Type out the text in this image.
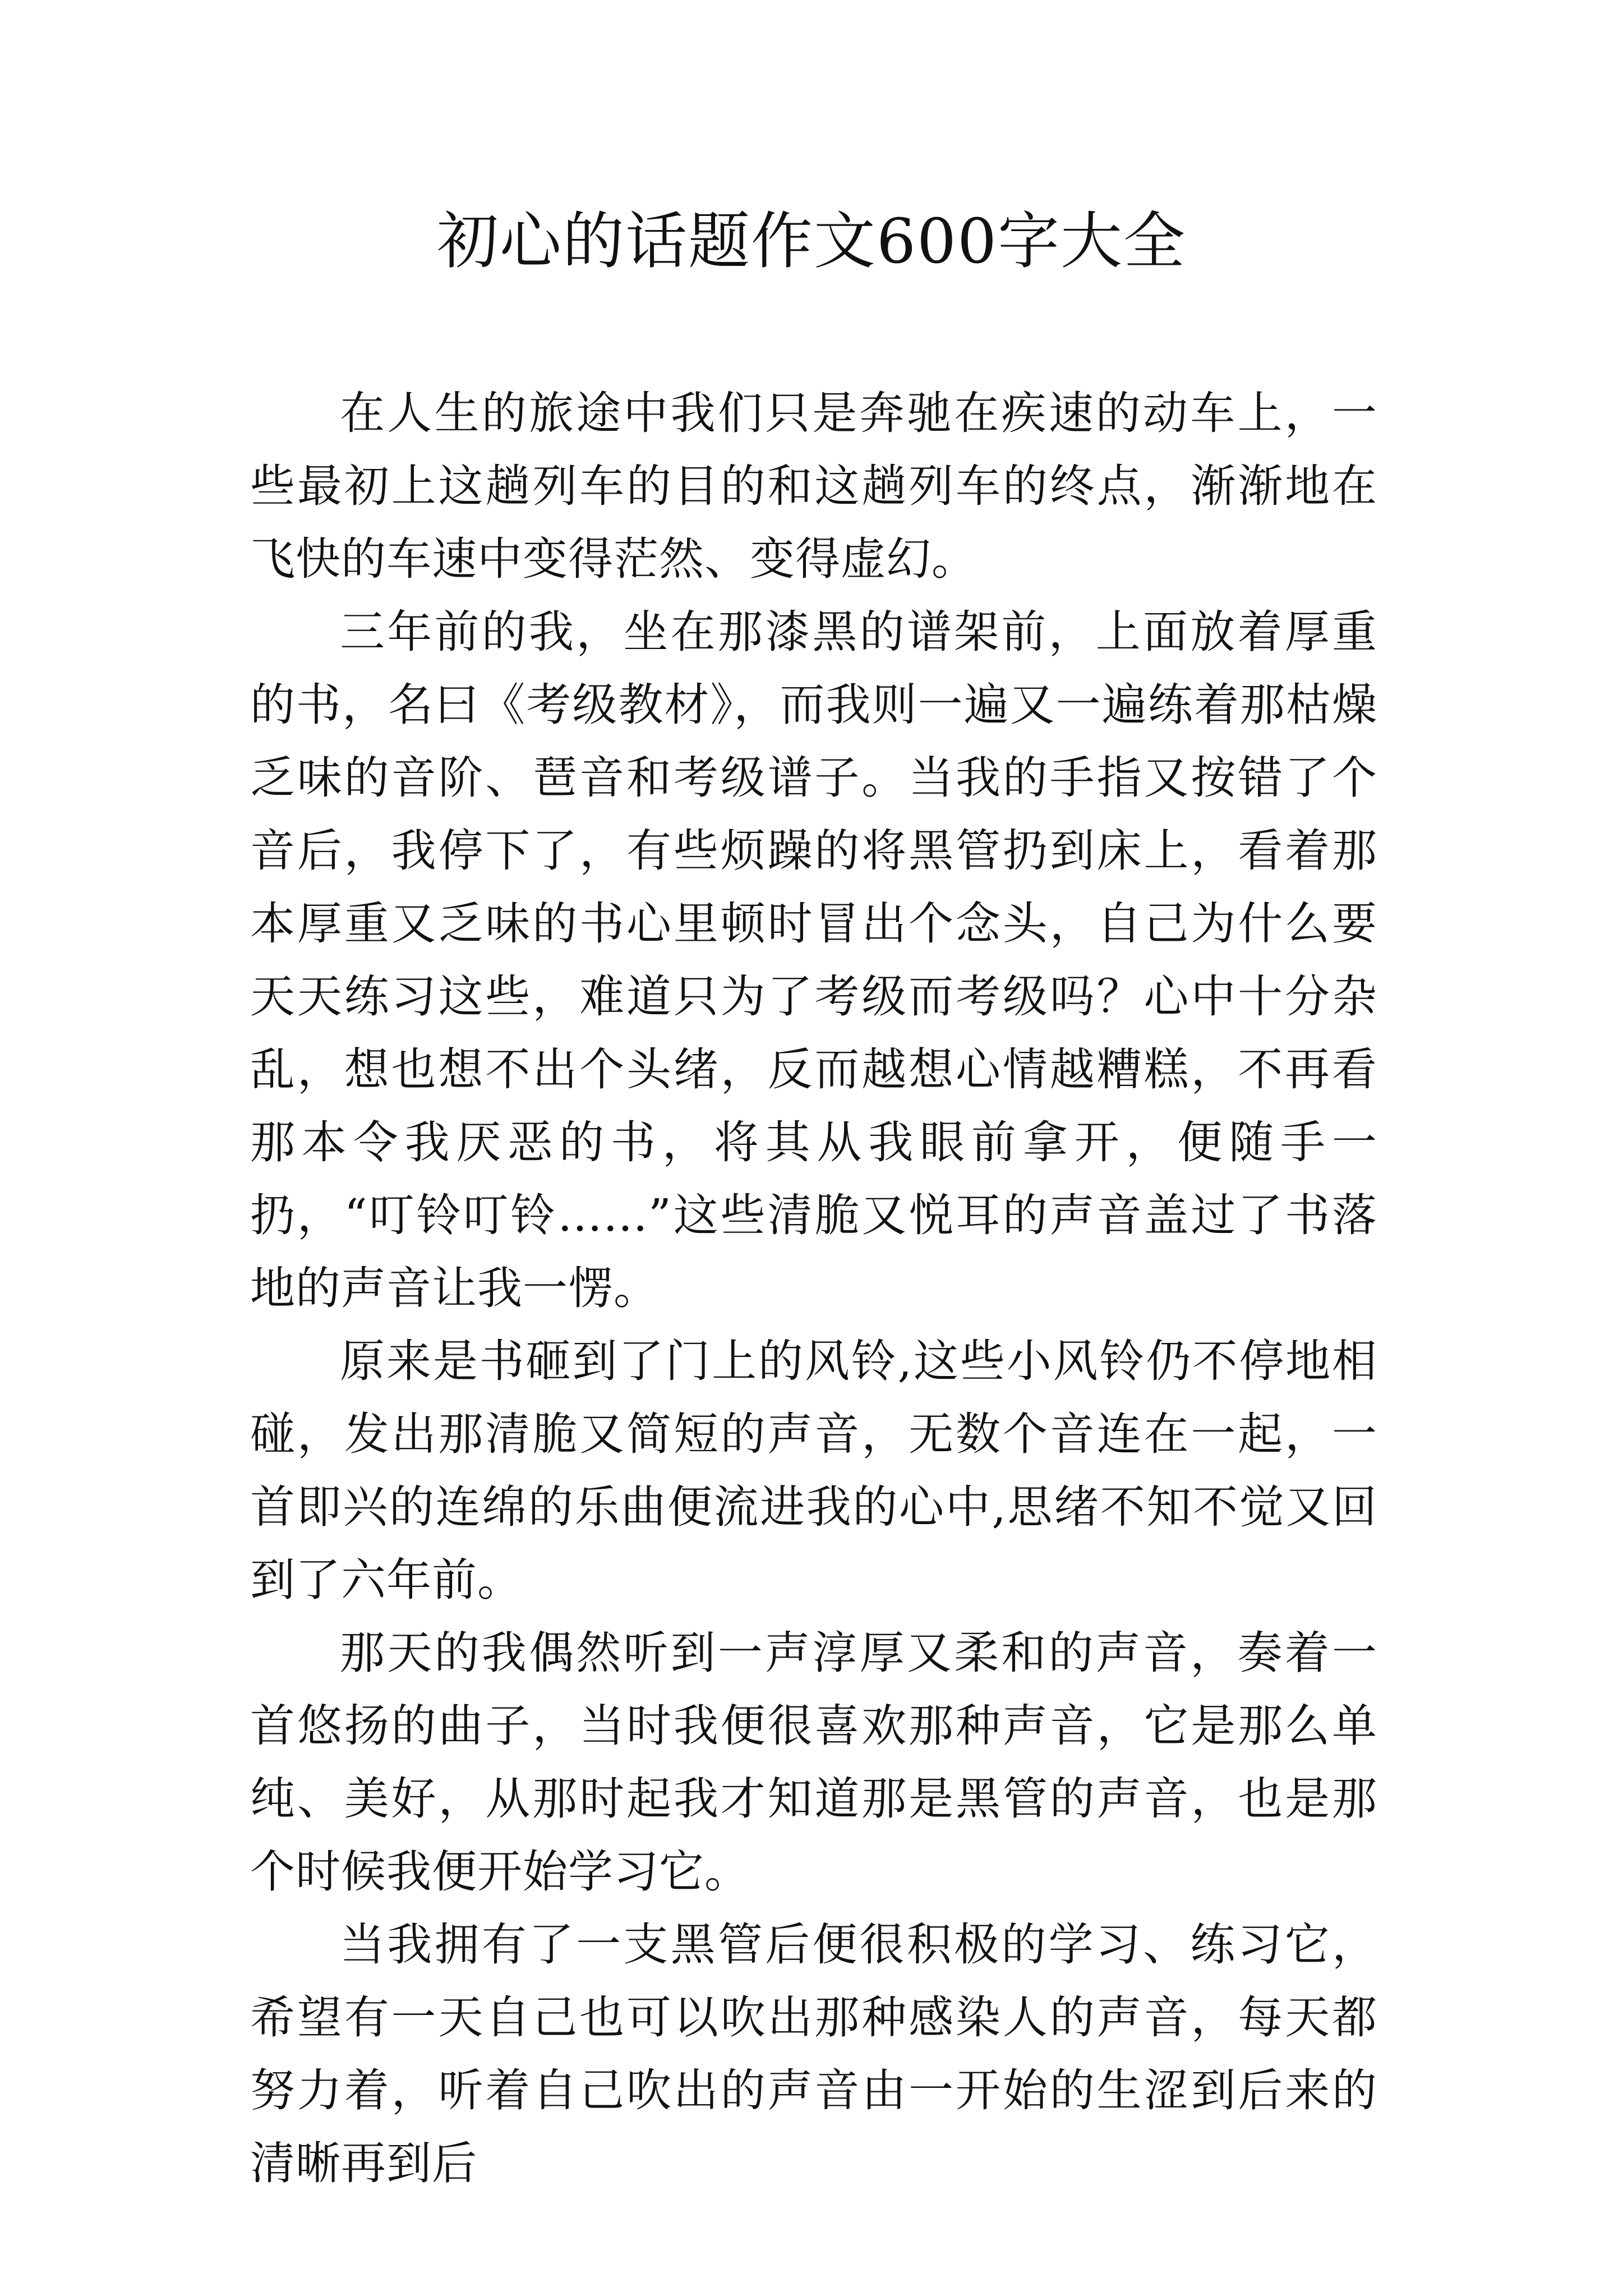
初心的话题作文600字大全

在人生的旅途中我们只是奔驰在疾速的动车上，一些最初上这趟列车的目的和这趟列车的终点，渐渐地在飞快的车速中变得茫然、变得虚幻。

三年前的我，坐在那漆黑的谱架前，上面放着厚重的书，名曰《考级教材》，而我则一遍又一遍练着那枯燥乏味的音阶、琶音和考级谱子。当我的手指又按错了个音后，我停下了，有些烦躁的将黑管扔到床上，看着那本厚重又乏味的书心里顿时冒出个念头，自己为什么要天天练习这些，难道只为了考级而考级吗？心中十分杂乱，想也想不出个头绪，反而越想心情越糟糕，不再看那本令我厌恶的书，将其从我眼前拿开，便随手一扔，“叮铃叮铃……”这些清脆又悦耳的声音盖过了书落地的声音让我一愣。

原来是书砸到了门上的风铃,这些小风铃仍不停地相碰，发出那清脆又简短的声音，无数个音连在一起，一首即兴的连绵的乐曲便流进我的心中,思绪不知不觉又回到了六年前。

那天的我偶然听到一声淳厚又柔和的声音，奏着一首悠扬的曲子，当时我便很喜欢那种声音，它是那么单纯、美好，从那时起我才知道那是黑管的声音，也是那个时候我便开始学习它。

当我拥有了一支黑管后便很积极的学习、练习它，希望有一天自己也可以吹出那种感染人的声音，每天都努力着，听着自己吹出的声音由一开始的生涩到后来的清晰再到后
